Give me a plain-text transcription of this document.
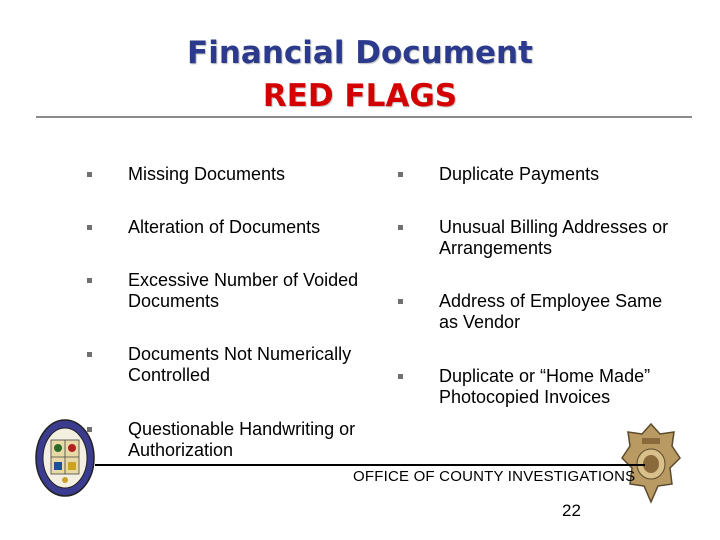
Financial Document
RED FLAGS
Missing Documents
Alteration of Documents
Excessive Number of Voided
Documents
Documents Not Numerically
Controlled
Questionable Handwriting or
Authorization
Duplicate Payments
Unusual Billing Addresses or
Arrangements
Address of Employee Same
as Vendor
Duplicate or “Home Made”
Photocopied Invoices
OFFICE OF COUNTY INVESTIGATIONS
22
